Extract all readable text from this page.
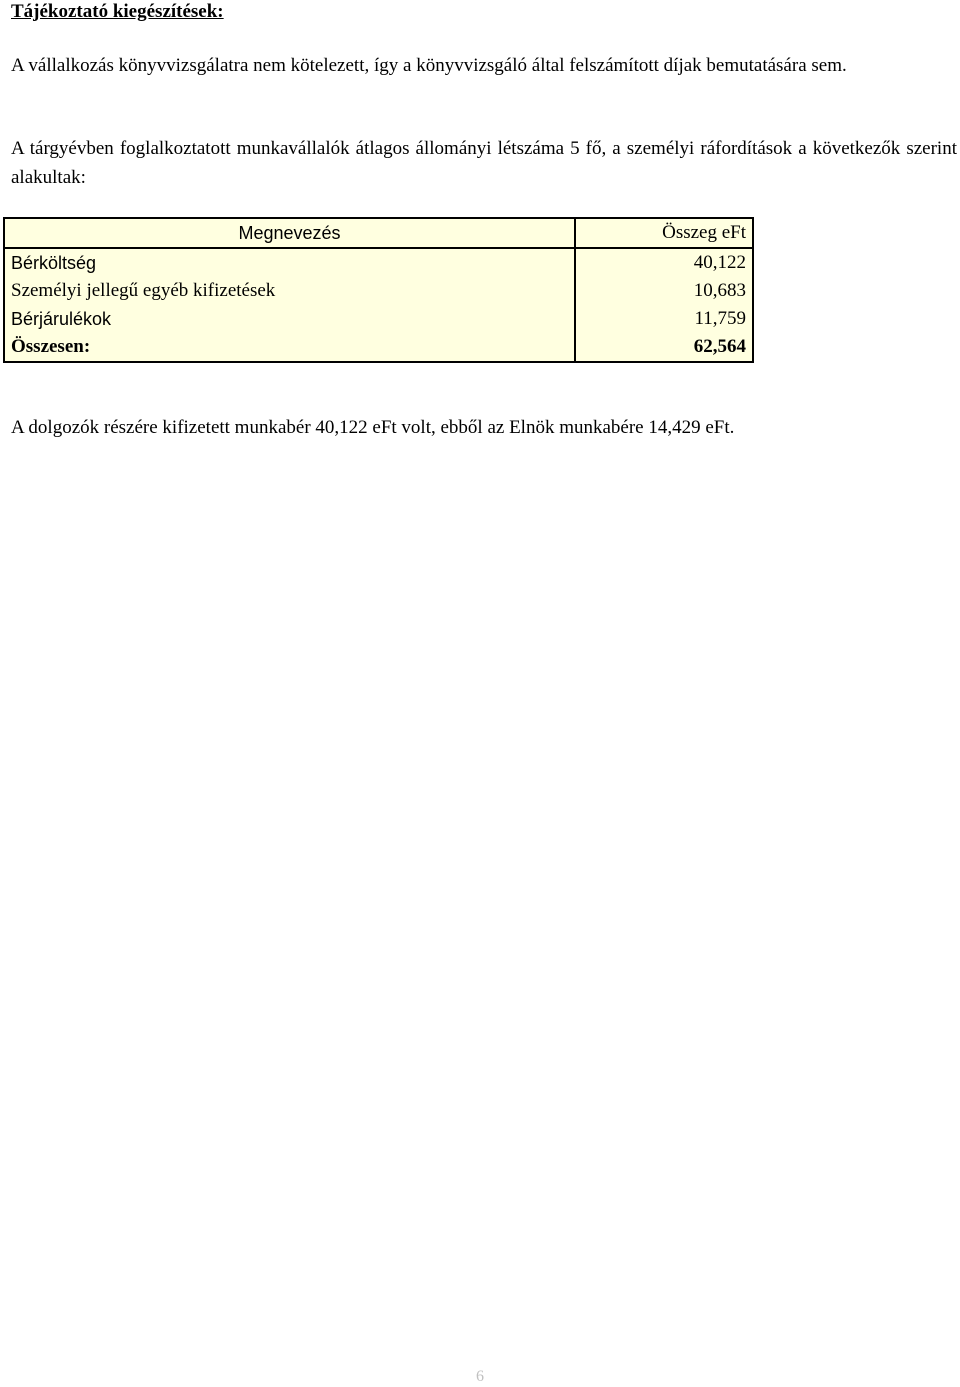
Tájékoztató kiegészítések:
A vállalkozás könyvvizsgálatra nem kötelezett, így a könyvvizsgáló által felszámított díjak bemutatására sem.
A tárgyévben foglalkoztatott munkavállalók átlagos állományi létszáma 5 fő, a személyi ráfordítások a következők szerint alakultak:
Megnevezés	Összeg eFt
Bérköltség	40,122
Személyi jellegű egyéb kifizetések	10,683
Bérjárulékok	11,759
Összesen:	62,564
A dolgozók részére kifizetett munkabér 40,122 eFt volt, ebből az Elnök munkabére 14,429 eFt.
6
